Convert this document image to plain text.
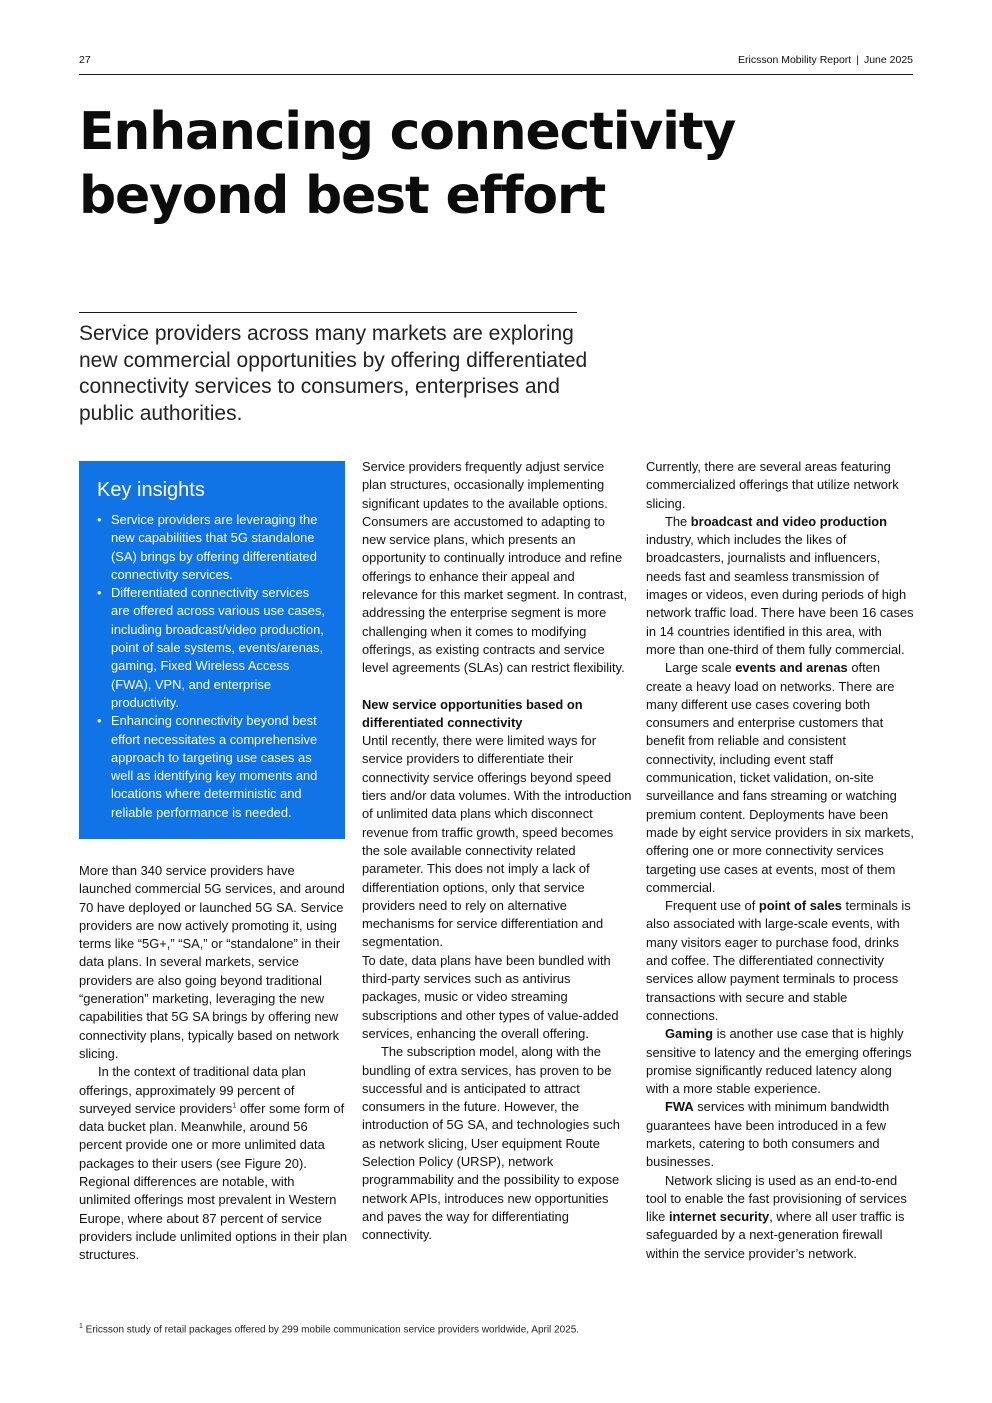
27	Ericsson Mobility Report | June 2025
Enhancing connectivity beyond best effort

Service providers across many markets are exploring new commercial opportunities by offering differentiated connectivity services to consumers, enterprises and public authorities.

Key insights
• Service providers are leveraging the new capabilities that 5G standalone (SA) brings by offering differentiated connectivity services.
• Differentiated connectivity services are offered across various use cases, including broadcast/video production, point of sale systems, events/arenas, gaming, Fixed Wireless Access (FWA), VPN, and enterprise productivity.
• Enhancing connectivity beyond best effort necessitates a comprehensive approach to targeting use cases as well as identifying key moments and locations where deterministic and reliable performance is needed.

More than 340 service providers have launched commercial 5G services, and around 70 have deployed or launched 5G SA. Service providers are now actively promoting it, using terms like “5G+,” “SA,” or “standalone” in their data plans. In several markets, service providers are also going beyond traditional “generation” marketing, leveraging the new capabilities that 5G SA brings by offering new connectivity plans, typically based on network slicing.

In the context of traditional data plan offerings, approximately 99 percent of surveyed service providers$^1$ offer some form of data bucket plan. Meanwhile, around 56 percent provide one or more unlimited data packages to their users (see Figure 20). Regional differences are notable, with unlimited offerings most prevalent in Western Europe, where about 87 percent of service providers include unlimited options in their plan structures.

Service providers frequently adjust service plan structures, occasionally implementing significant updates to the available options. Consumers are accustomed to adapting to new service plans, which presents an opportunity to continually introduce and refine offerings to enhance their appeal and relevance for this market segment. In contrast, addressing the enterprise segment is more challenging when it comes to modifying offerings, as existing contracts and service level agreements (SLAs) can restrict flexibility.

New service opportunities based on differentiated connectivity

Until recently, there were limited ways for service providers to differentiate their connectivity service offerings beyond speed tiers and/or data volumes. With the introduction of unlimited data plans which disconnect revenue from traffic growth, speed becomes the sole available connectivity related parameter. This does not imply a lack of differentiation options, only that service providers need to rely on alternative mechanisms for service differentiation and segmentation.

To date, data plans have been bundled with third-party services such as antivirus packages, music or video streaming subscriptions and other types of value-added services, enhancing the overall offering.

The subscription model, along with the bundling of extra services, has proven to be successful and is anticipated to attract consumers in the future. However, the introduction of 5G SA, and technologies such as network slicing, User equipment Route Selection Policy (URSP), network programmability and the possibility to expose network APIs, introduces new opportunities and paves the way for differentiating connectivity.

Currently, there are several areas featuring commercialized offerings that utilize network slicing.

The broadcast and video production industry, which includes the likes of broadcasters, journalists and influencers, needs fast and seamless transmission of images or videos, even during periods of high network traffic load. There have been 16 cases in 14 countries identified in this area, with more than one-third of them fully commercial.

Large scale events and arenas often create a heavy load on networks. There are many different use cases covering both consumers and enterprise customers that benefit from reliable and consistent connectivity, including event staff communication, ticket validation, on-site surveillance and fans streaming or watching premium content. Deployments have been made by eight service providers in six markets, offering one or more connectivity services targeting use cases at events, most of them commercial.

Frequent use of point of sales terminals is also associated with large-scale events, with many visitors eager to purchase food, drinks and coffee. The differentiated connectivity services allow payment terminals to process transactions with secure and stable connections.

Gaming is another use case that is highly sensitive to latency and the emerging offerings promise significantly reduced latency along with a more stable experience.

FWA services with minimum bandwidth guarantees have been introduced in a few markets, catering to both consumers and businesses.

Network slicing is used as an end-to-end tool to enable the fast provisioning of services like internet security, where all user traffic is safeguarded by a next-generation firewall within the service provider’s network.

$^1$ Ericsson study of retail packages offered by 299 mobile communication service providers worldwide, April 2025.
